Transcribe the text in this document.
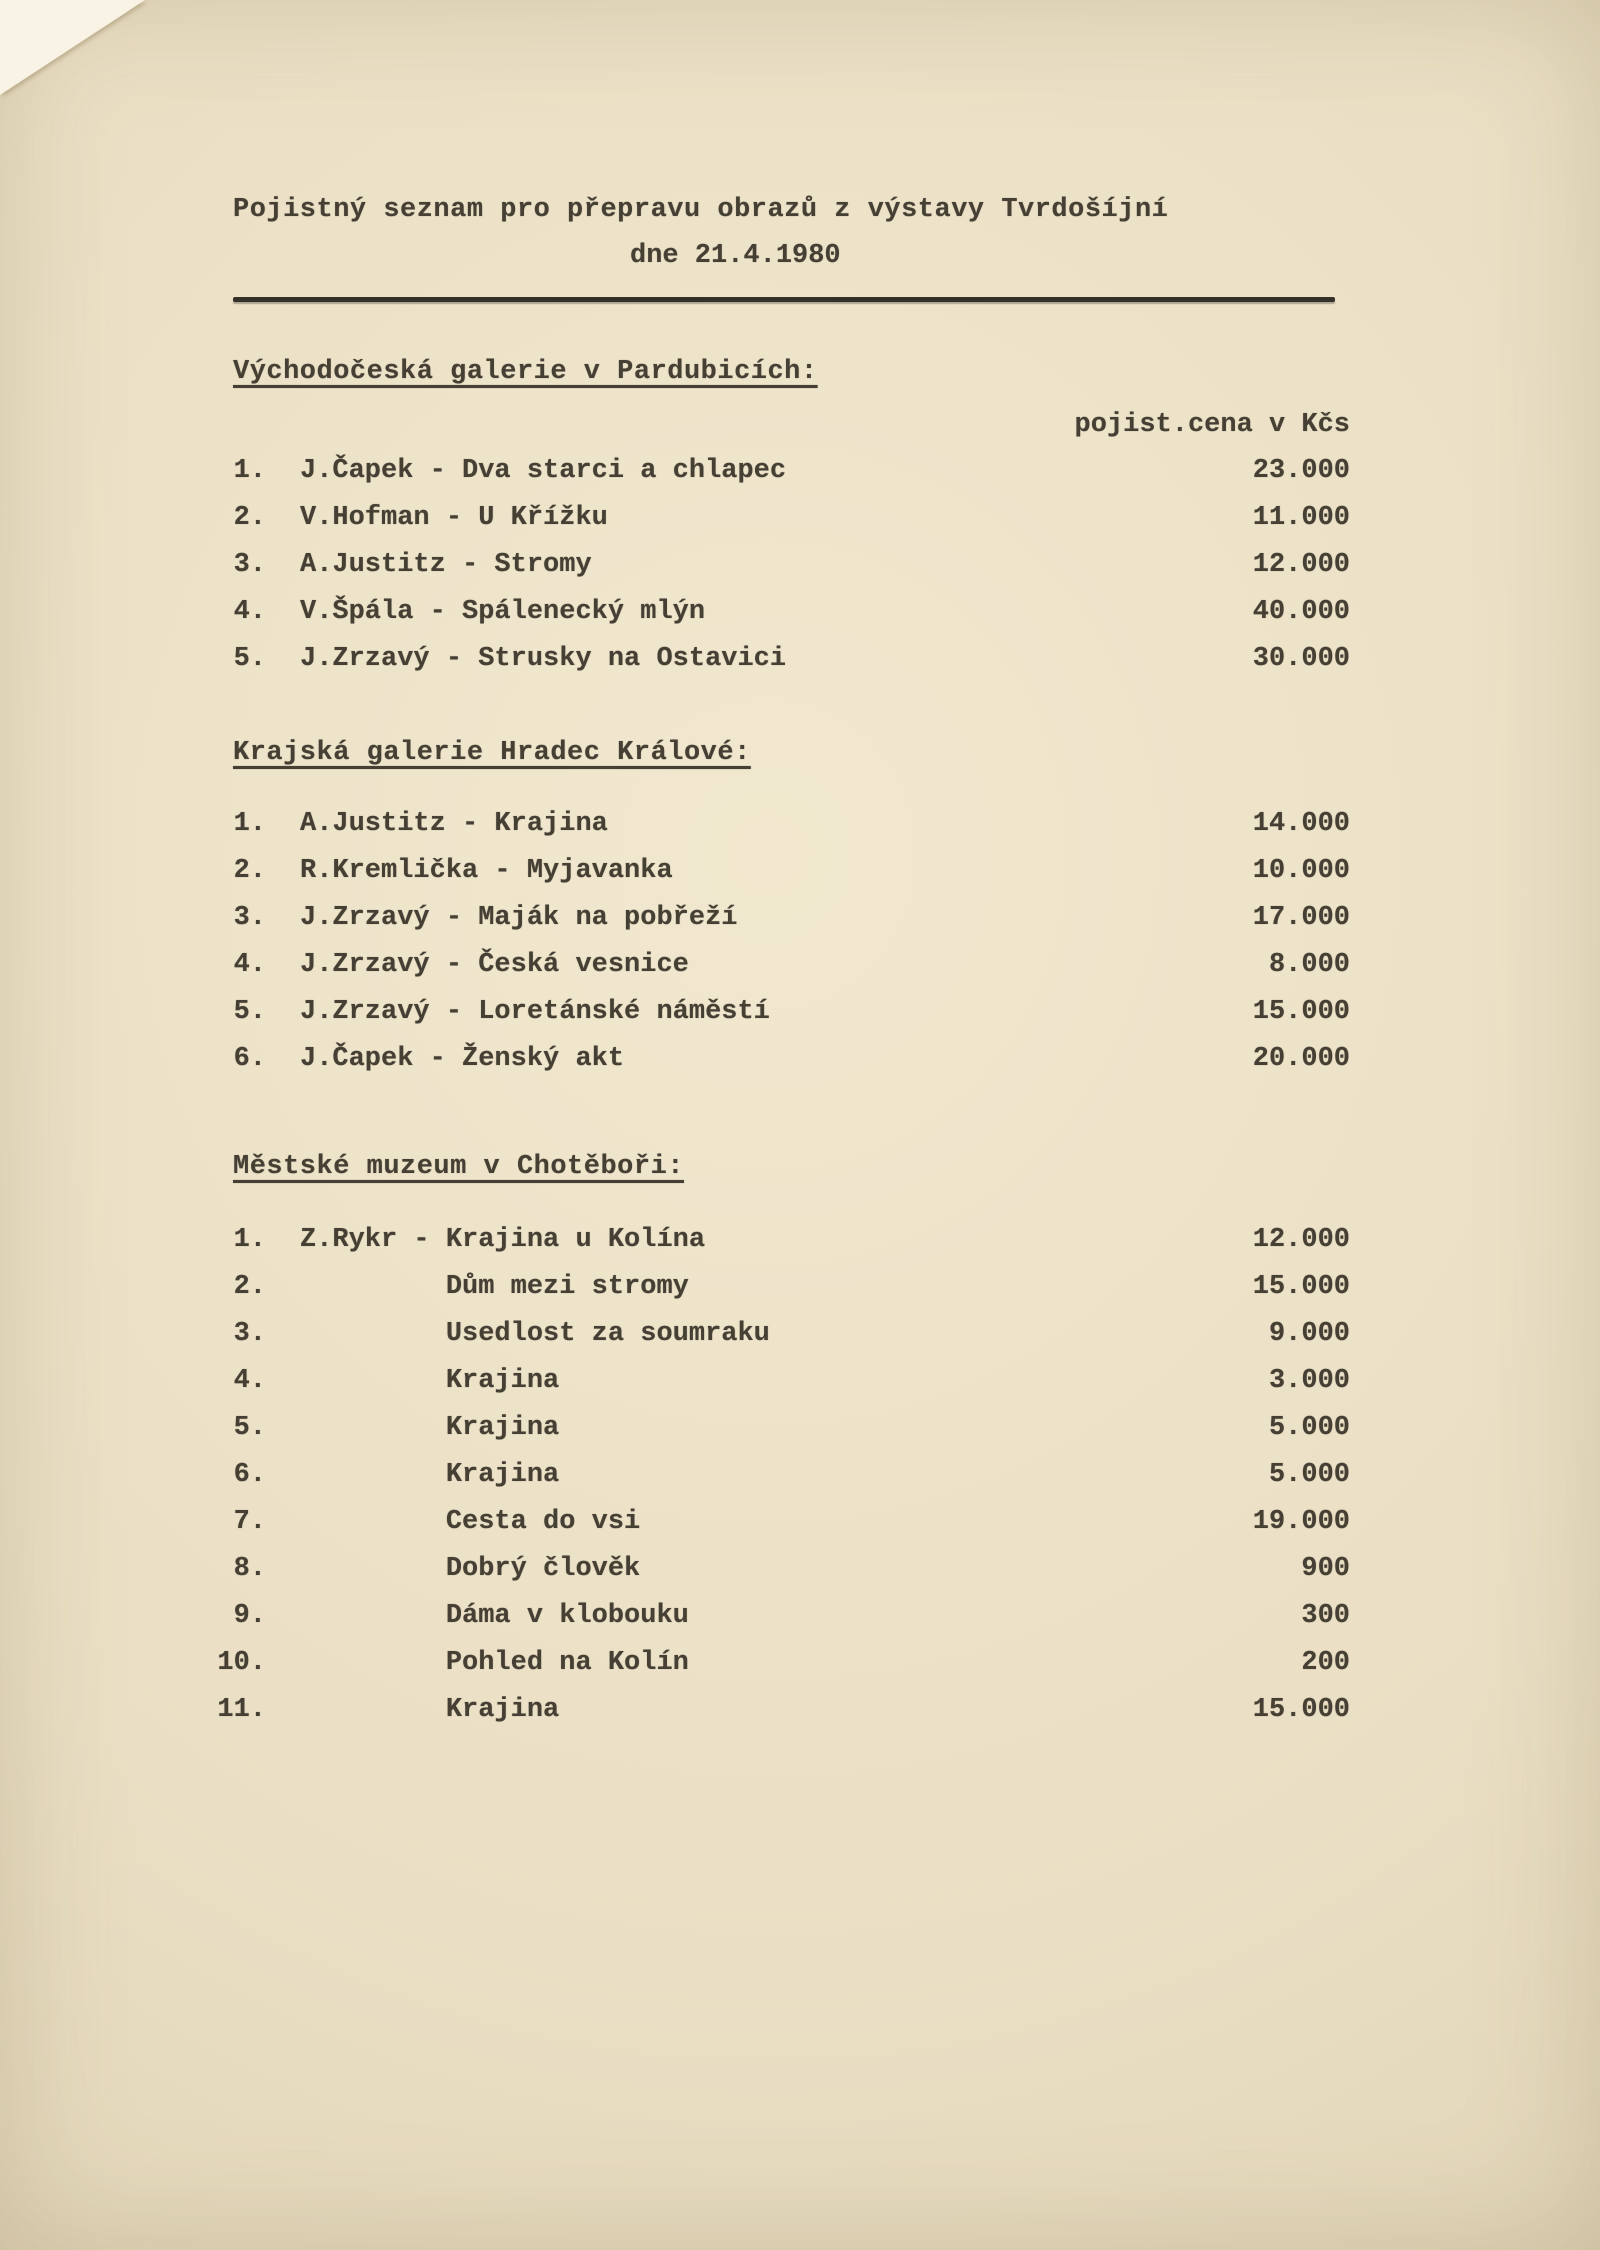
Pojistný seznam pro přepravu obrazů z výstavy Tvrdošíjní
dne 21.4.1980
Východočeská galerie v Pardubicích:
pojist.cena v Kčs
1. J.Čapek - Dva starci a chlapec	23.000
2. V.Hofman - U Křížku	11.000
3. A.Justitz - Stromy	12.000
4. V.Špála - Spálenecký mlýn	40.000
5. J.Zrzavý - Strusky na Ostavici	30.000
Krajská galerie Hradec Králové:
1. A.Justitz - Krajina	14.000
2. R.Kremlička - Myjavanka	10.000
3. J.Zrzavý - Maják na pobřeží	17.000
4. J.Zrzavý - Česká vesnice	8.000
5. J.Zrzavý - Loretánské náměstí	15.000
6. J.Čapek - Ženský akt	20.000
Městské muzeum v Chotěboři:
1. Z.Rykr - Krajina u Kolína	12.000
2. Dům mezi stromy	15.000
3. Usedlost za soumraku	9.000
4. Krajina	3.000
5. Krajina	5.000
6. Krajina	5.000
7. Cesta do vsi	19.000
8. Dobrý člověk	900
9. Dáma v klobouku	300
10. Pohled na Kolín	200
11. Krajina	15.000
